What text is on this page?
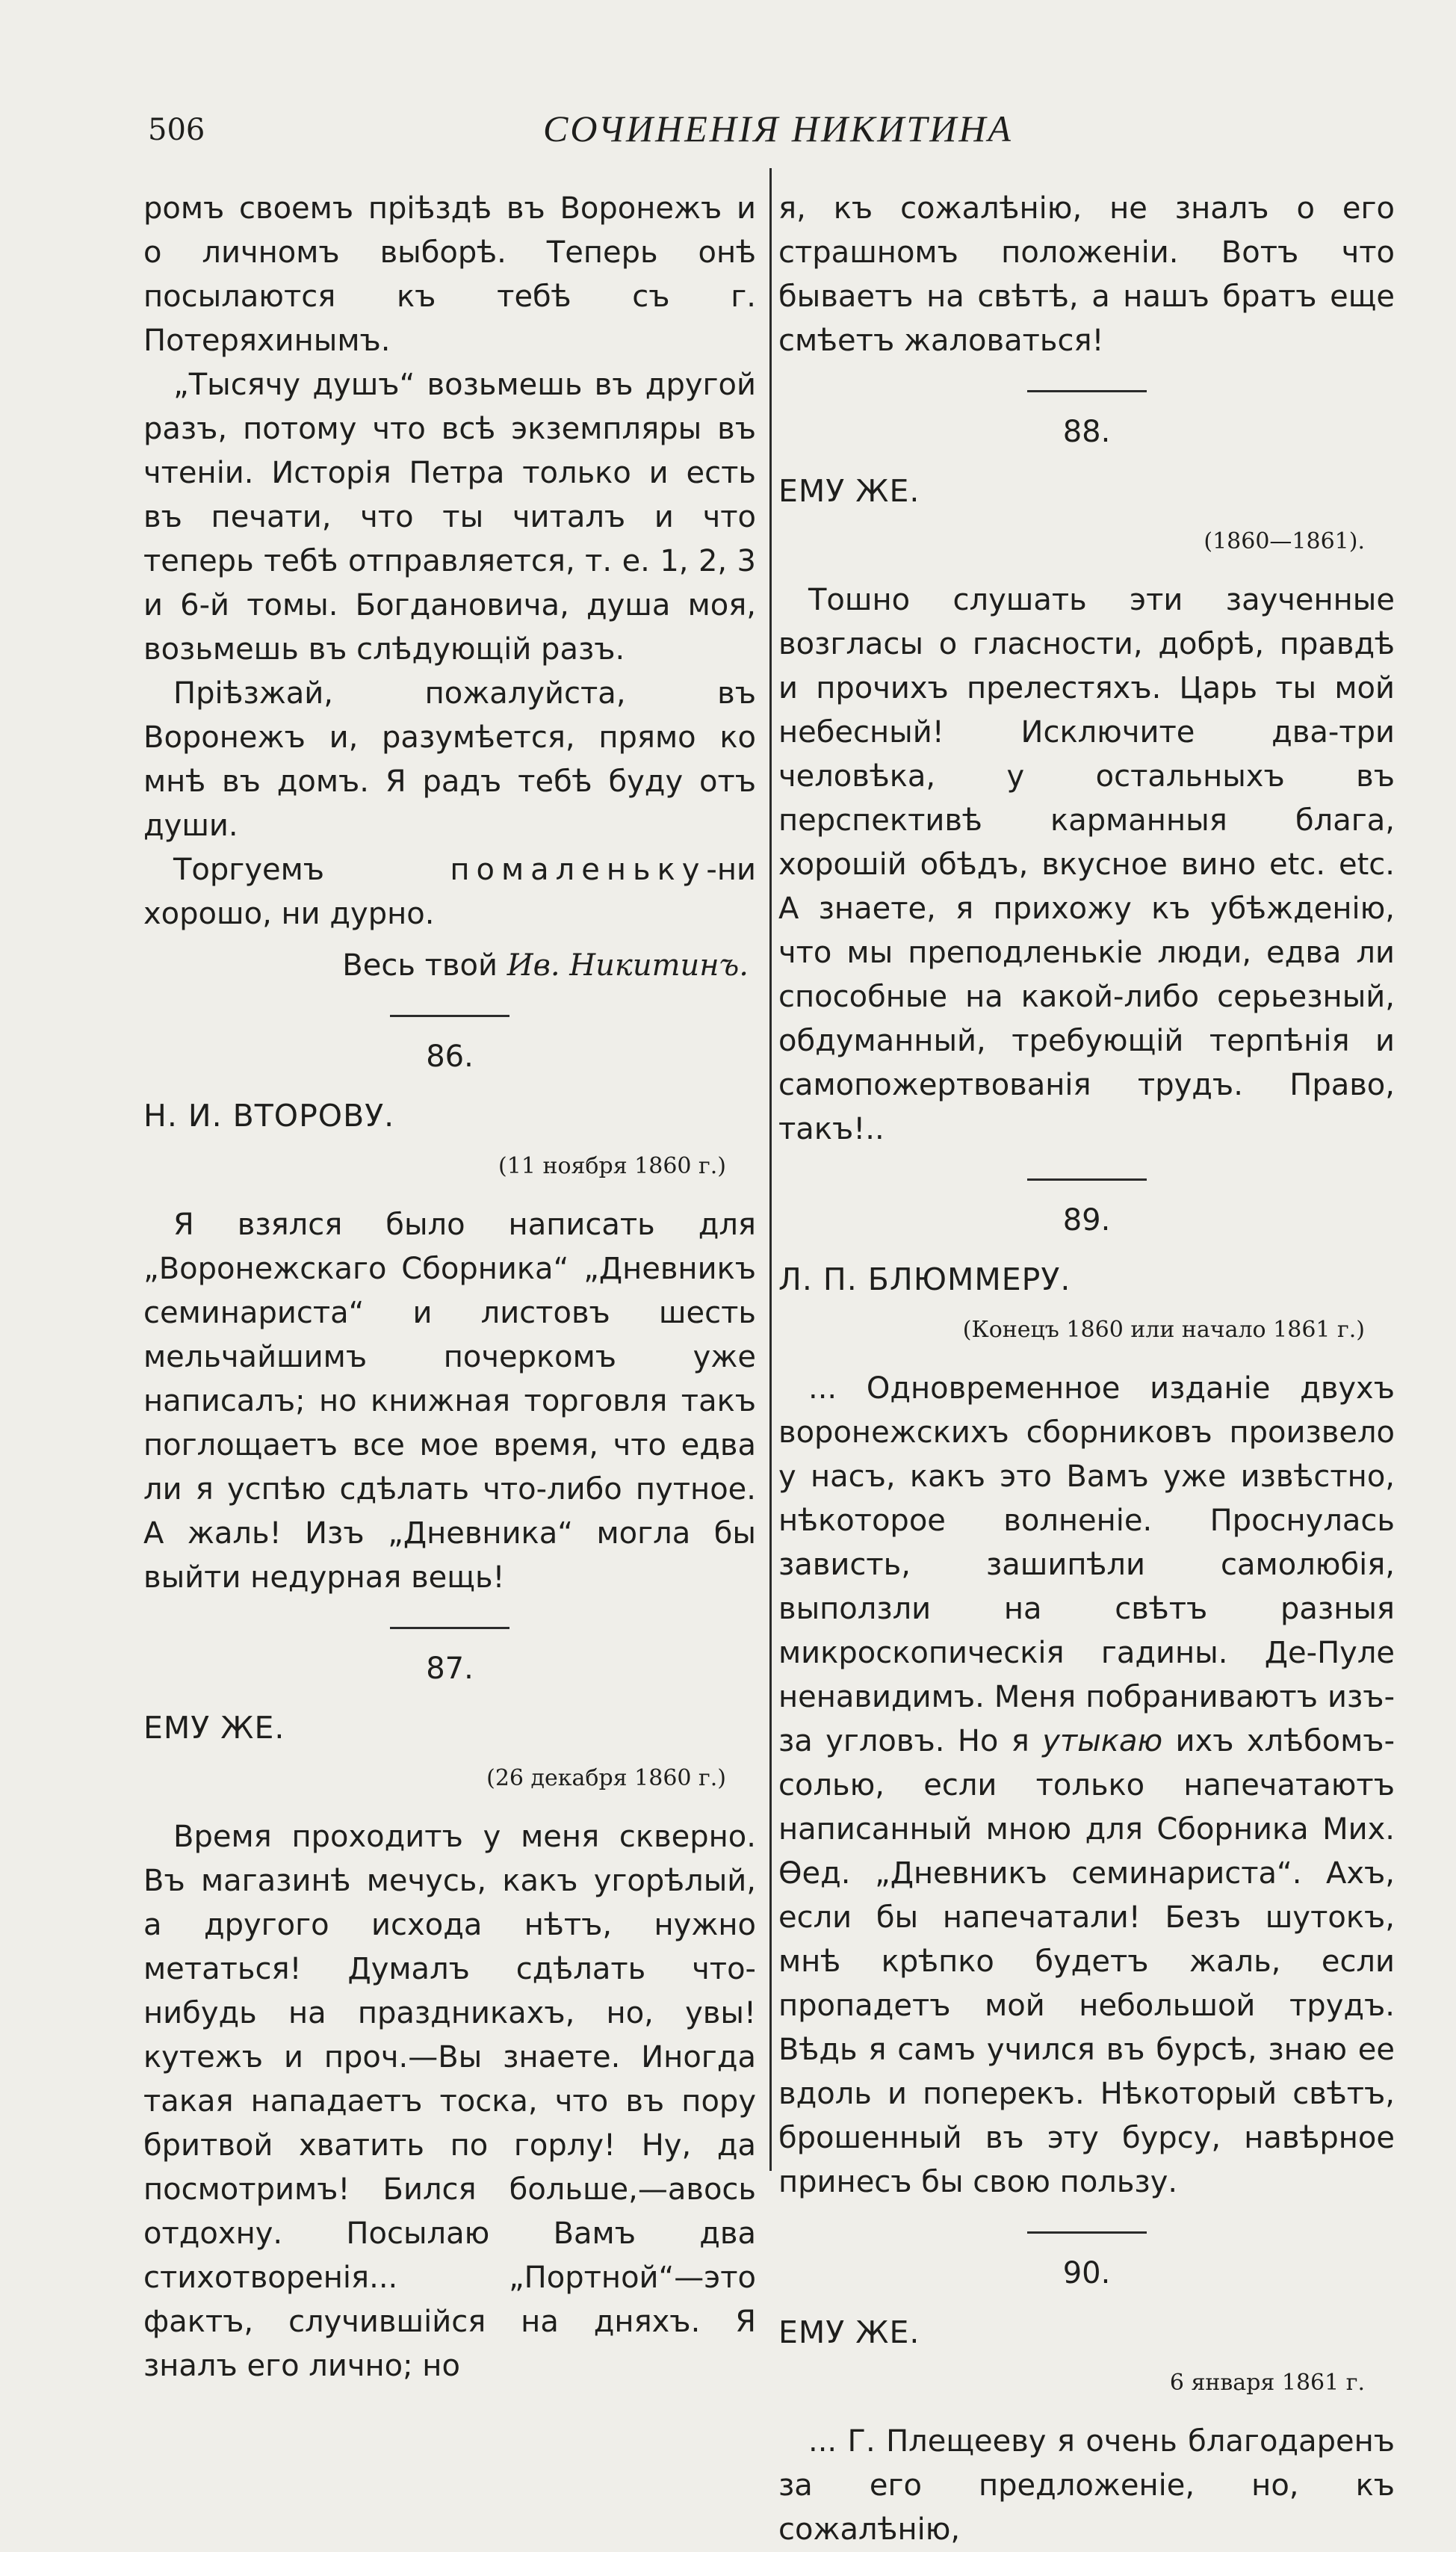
506	СОЧИНЕНІЯ НИКИТИНА

ромъ своемъ пріѣздѣ въ Воронежъ и о личномъ выборѣ. Теперь онѣ посылаются къ тебѣ съ г. Потеряхинымъ.

„Тысячу душъ“ возьмешь въ другой разъ, потому что всѣ экземпляры въ чтеніи. Исторія Петра только и есть въ печати, что ты читалъ и что теперь тебѣ отправляется, т. е. 1, 2, 3 и 6-й томы. Богдановича, душа моя, возьмешь въ слѣдующій разъ.

Пріѣзжай, пожалуйста, въ Воронежъ и, разумѣется, прямо ко мнѣ въ домъ. Я радъ тебѣ буду отъ души.

Торгуемъ помаленьку-ни хорошо, ни дурно.

Весь твой Ив. Никитинъ.

86.
Н. И. ВТОРОВУ.
(11 ноября 1860 г.)

Я взялся было написать для „Воронежскаго Сборника“ „Дневникъ семинариста“ и листовъ шесть мельчайшимъ почеркомъ уже написалъ; но книжная торговля такъ поглощаетъ все мое время, что едва ли я успѣю сдѣлать что-либо путное. А жаль! Изъ „Дневника“ могла бы выйти недурная вещь!

87.
ЕМУ ЖЕ.
(26 декабря 1860 г.)

Время проходитъ у меня скверно. Въ магазинѣ мечусь, какъ угорѣлый, а другого исхода нѣтъ, нужно метаться! Думалъ сдѣлать что-нибудь на праздникахъ, но, увы! кутежъ и проч.—Вы знаете. Иногда такая нападаетъ тоска, что въ пору бритвой хватить по горлу! Ну, да посмотримъ! Бился больше,—авось отдохну. Посылаю Вамъ два стихотворенія... „Портной“—это фактъ, случившійся на дняхъ. Я зналъ его лично; но

я, къ сожалѣнію, не зналъ о его страшномъ положеніи. Вотъ что бываетъ на свѣтѣ, а нашъ братъ еще смѣетъ жаловаться!

88.
ЕМУ ЖЕ.
(1860—1861).

Тошно слушать эти заученные возгласы о гласности, добрѣ, правдѣ и прочихъ прелестяхъ. Царь ты мой небесный! Исключите два-три человѣка, у остальныхъ въ перспективѣ карманныя блага, хорошій обѣдъ, вкусное вино etc. etc. А знаете, я прихожу къ убѣжденію, что мы преподленькіе люди, едва ли способные на какой-либо серьезный, обдуманный, требующій терпѣнія и самопожертвованія трудъ. Право, такъ!..

89.
Л. П. БЛЮММЕРУ.
(Конецъ 1860 или начало 1861 г.)

... Одновременное изданіе двухъ воронежскихъ сборниковъ произвело у насъ, какъ это Вамъ уже извѣстно, нѣкоторое волненіе. Проснулась зависть, зашипѣли самолюбія, выползли на свѣтъ разныя микроскопическія гадины. Де-Пуле ненавидимъ. Меня побраниваютъ изъ-за угловъ. Но я утыкаю ихъ хлѣбомъ-солью, если только напечатаютъ написанный мною для Сборника Мих. Ѳед. „Дневникъ семинариста“. Ахъ, если бы напечатали! Безъ шутокъ, мнѣ крѣпко будетъ жаль, если пропадетъ мой небольшой трудъ. Вѣдь я самъ учился въ бурсѣ, знаю ее вдоль и поперекъ. Нѣкоторый свѣтъ, брошенный въ эту бурсу, навѣрное принесъ бы свою пользу.

90.
ЕМУ ЖЕ.
6 января 1861 г.

... Г. Плещееву я очень благодаренъ за его предложеніе, но, къ сожалѣнію,
